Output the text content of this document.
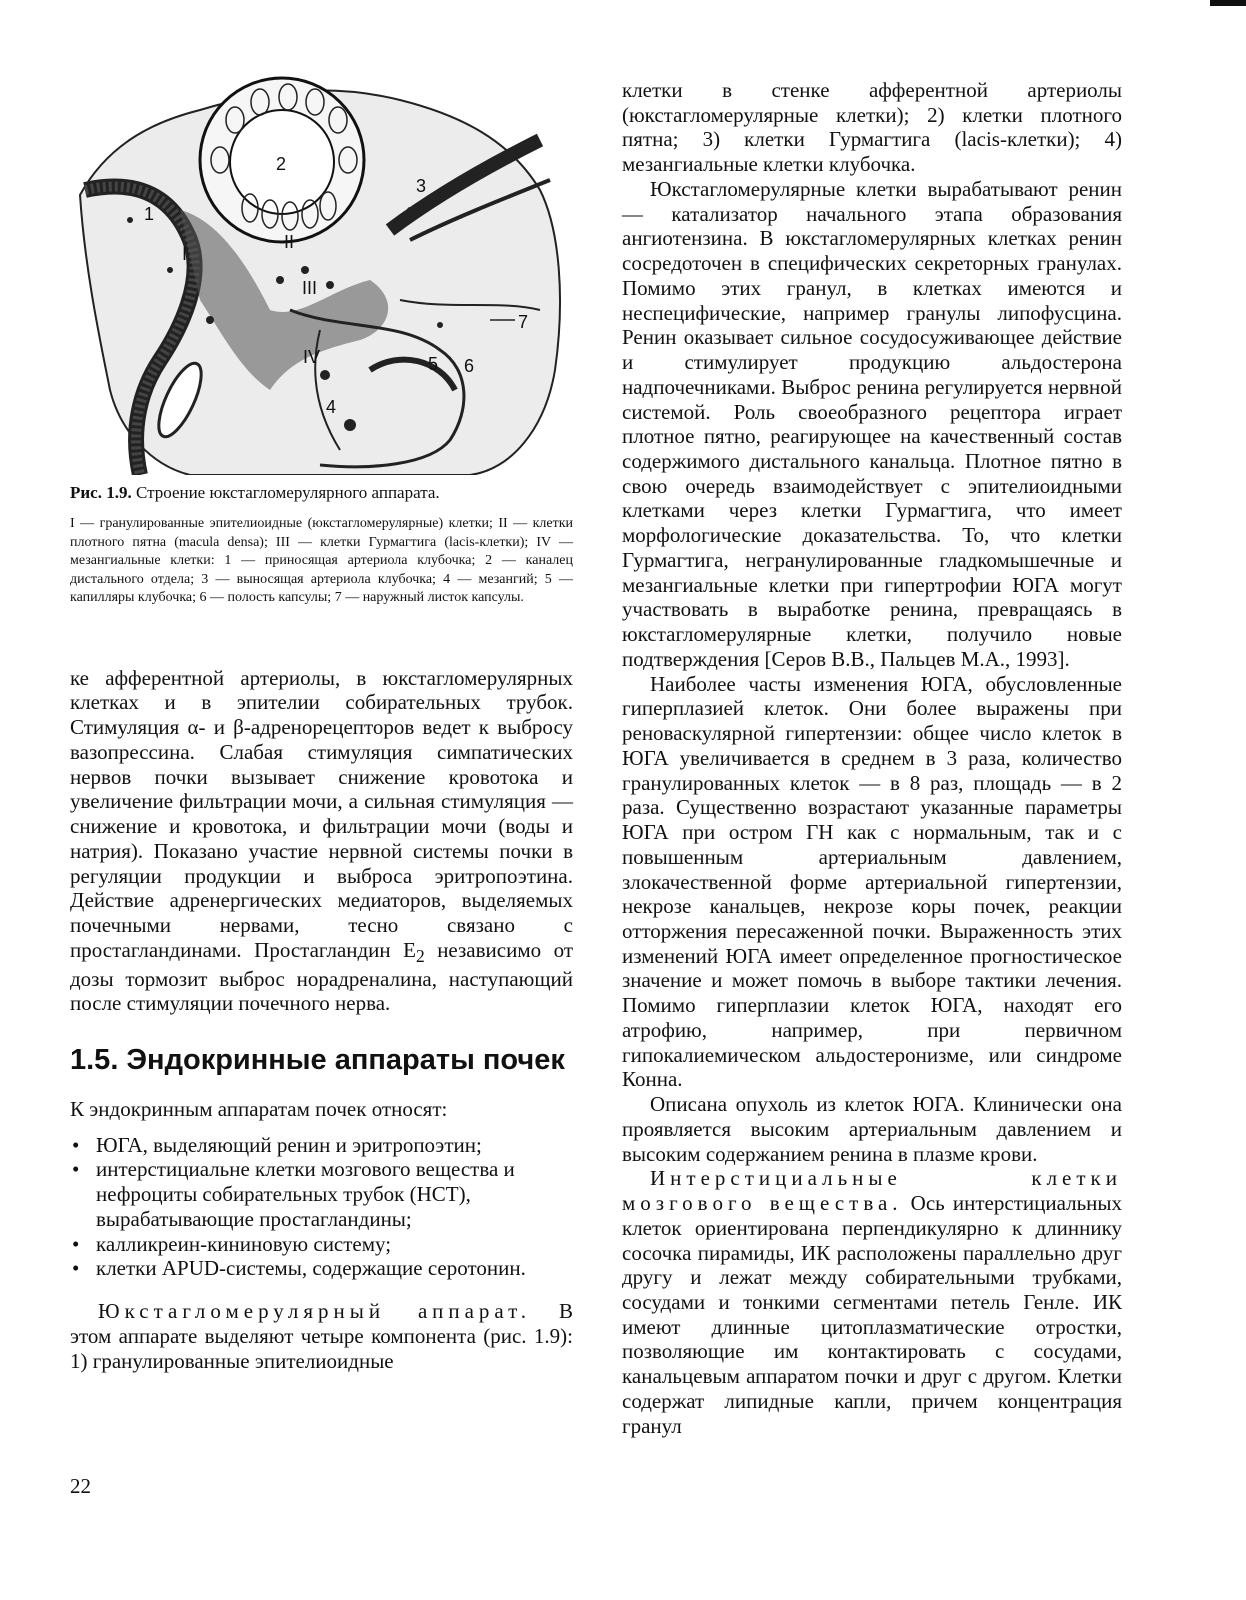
1
2
3
I
II
III
IV
4
5 6
7
Рис. 1.9. Строение юкстагломерулярного аппарата.
I — гранулированные эпителиоидные (юкстагломерулярные) клетки; II — клетки плотного пятна (macula densa); III — клетки Гурмагтига (lacis-клетки); IV — мезангиальные клетки: 1 — приносящая артериола клубочка; 2 — каналец дистального отдела; 3 — выносящая артериола клубочка; 4 — мезангий; 5 — капилляры клубочка; 6 — полость капсулы; 7 — наружный листок капсулы.

ке афферентной артериолы, в юкстагломерулярных клетках и в эпителии собирательных трубок. Стимуляция α- и β-адренорецепторов ведет к выбросу вазопрессина. Слабая стимуляция симпатических нервов почки вызывает снижение кровотока и увеличение фильтрации мочи, а сильная стимуляция — снижение и кровотока, и фильтрации мочи (воды и натрия). Показано участие нервной системы почки в регуляции продукции и выброса эритропоэтина. Действие адренергических медиаторов, выделяемых почечными нервами, тесно связано с простагландинами. Простагландин $E_2$ независимо от дозы тормозит выброс норадреналина, наступающий после стимуляции почечного нерва.

1.5. Эндокринные аппараты почек
К эндокринным аппаратам почек относят:
• ЮГА, выделяющий ренин и эритропоэтин;
• интерстициальне клетки мозгового вещества и нефроциты собирательных трубок (НСТ), вырабатывающие простагландины;
• калликреин-кининовую систему;
• клетки APUD-системы, содержащие серотонин.

Юкстагломерулярный аппарат. В этом аппарате выделяют четыре компонента (рис. 1.9): 1) гранулированные эпителиоидные

клетки в стенке афферентной артериолы (юкстагломерулярные клетки); 2) клетки плотного пятна; 3) клетки Гурмагтига (lacis-клетки); 4) мезангиальные клетки клубочка.

Юкстагломерулярные клетки вырабатывают ренин — катализатор начального этапа образования ангиотензина. В юкстагломерулярных клетках ренин сосредоточен в специфических секреторных гранулах. Помимо этих гранул, в клетках имеются и неспецифические, например гранулы липофусцина. Ренин оказывает сильное сосудосуживающее действие и стимулирует продукцию альдостерона надпочечниками. Выброс ренина регулируется нервной системой. Роль своеобразного рецептора играет плотное пятно, реагирующее на качественный состав содержимого дистального канальца. Плотное пятно в свою очередь взаимодействует с эпителиоидными клетками через клетки Гурмагтига, что имеет морфологические доказательства. То, что клетки Гурмагтига, негранулированные гладкомышечные и мезангиальные клетки при гипертрофии ЮГА могут участвовать в выработке ренина, превращаясь в юкстагломерулярные клетки, получило новые подтверждения [Серов В.В., Пальцев М.А., 1993].

Наиболее часты изменения ЮГА, обусловленные гиперплазией клеток. Они более выражены при реноваскулярной гипертензии: общее число клеток в ЮГА увеличивается в среднем в 3 раза, количество гранулированных клеток — в 8 раз, площадь — в 2 раза. Существенно возрастают указанные параметры ЮГА при остром ГН как с нормальным, так и с повышенным артериальным давлением, злокачественной форме артериальной гипертензии, некрозе канальцев, некрозе коры почек, реакции отторжения пересаженной почки. Выраженность этих изменений ЮГА имеет определенное прогностическое значение и может помочь в выборе тактики лечения. Помимо гиперплазии клеток ЮГА, находят его атрофию, например, при первичном гипокалиемическом альдостеронизме, или синдроме Конна.

Описана опухоль из клеток ЮГА. Клинически она проявляется высоким артериальным давлением и высоким содержанием ренина в плазме крови.

Интерстициальные клетки мозгового вещества. Ось интерстициальных клеток ориентирована перпендикулярно к длиннику сосочка пирамиды, ИК расположены параллельно друг другу и лежат между собирательными трубками, сосудами и тонкими сегментами петель Генле. ИК имеют длинные цитоплазматические отростки, позволяющие им контактировать с сосудами, канальцевым аппаратом почки и друг с другом. Клетки содержат липидные капли, причем концентрация гранул

22
